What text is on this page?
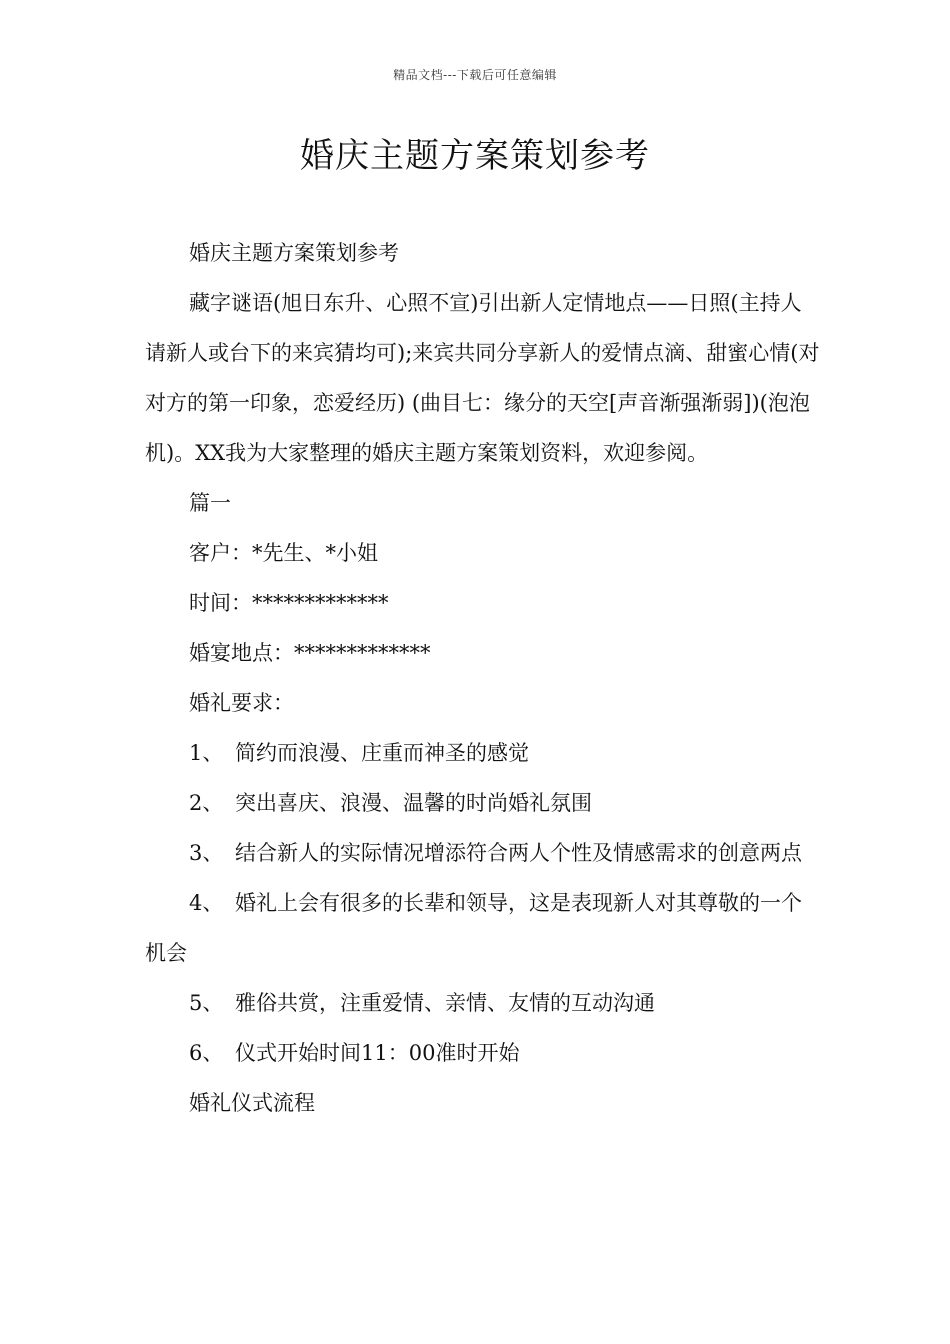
精品文档---下载后可任意编辑
婚庆主题方案策划参考

婚庆主题方案策划参考

藏字谜语(旭日东升、心照不宣)引出新人定情地点——日照(主持人请新人或台下的来宾猜均可);来宾共同分享新人的爱情点滴、甜蜜心情(对对方的第一印象，恋爱经历) (曲目七：缘分的天空[声音渐强渐弱])(泡泡机)。XX我为大家整理的婚庆主题方案策划资料，欢迎参阅。

篇一

客户：*先生、*小姐

时间：*************

婚宴地点：*************

婚礼要求：

1、 简约而浪漫、庄重而神圣的感觉

2、 突出喜庆、浪漫、温馨的时尚婚礼氛围

3、 结合新人的实际情况增添符合两人个性及情感需求的创意两点

4、 婚礼上会有很多的长辈和领导，这是表现新人对其尊敬的一个机会

5、 雅俗共赏，注重爱情、亲情、友情的互动沟通

6、 仪式开始时间11：00准时开始

婚礼仪式流程
